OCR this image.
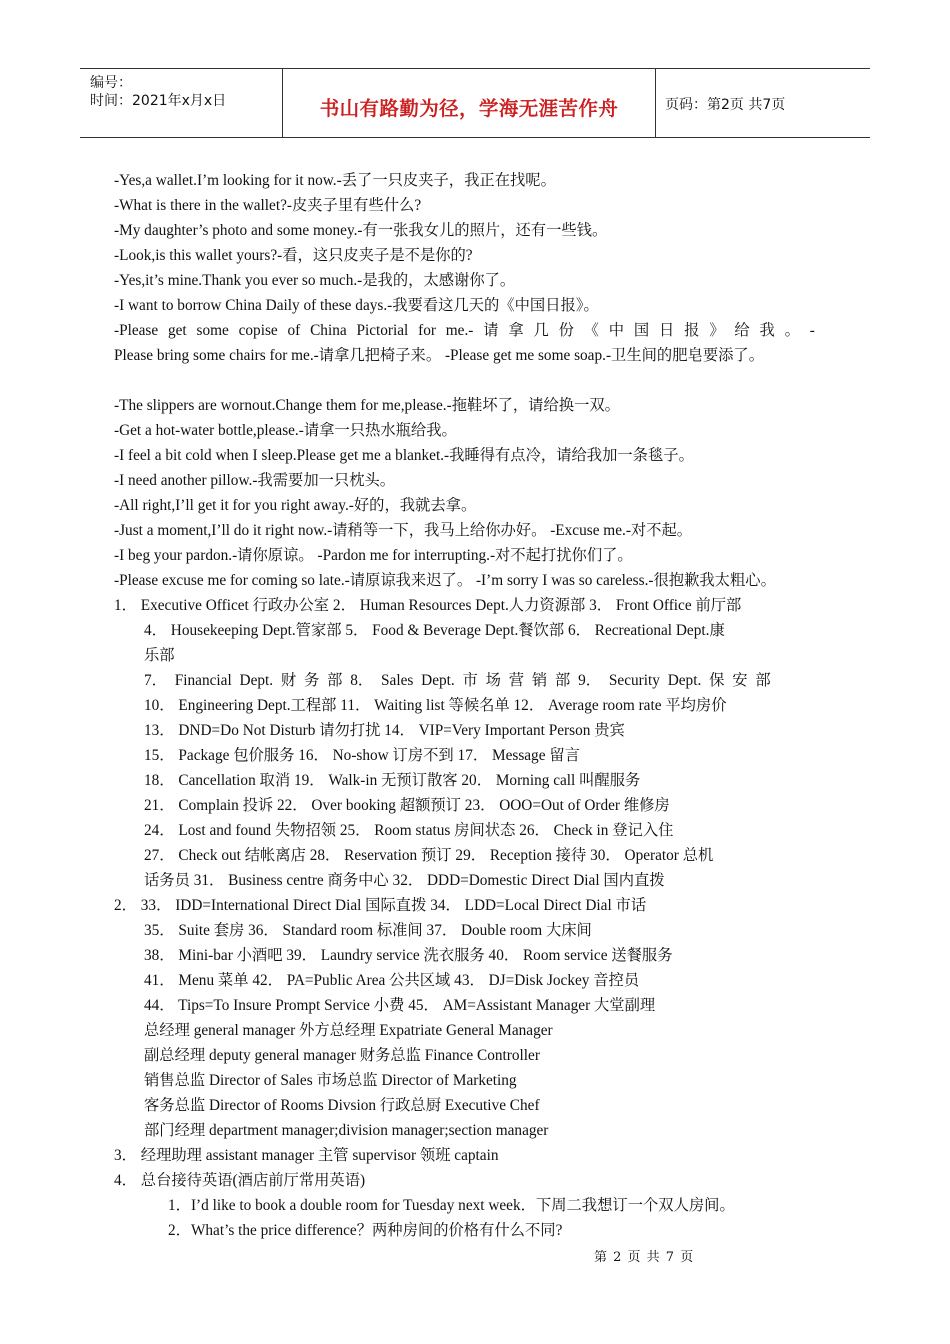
编号：
时间：2021年x月x日	书山有路勤为径，学海无涯苦作舟	页码：第2页 共7页
-Yes,a wallet.I’m looking for it now.-丢了一只皮夹子，我正在找呢。
-What is there in the wallet?-皮夹子里有些什么?
-My daughter’s photo and some money.-有一张我女儿的照片，还有一些钱。
-Look,is this wallet yours?-看，这只皮夹子是不是你的?
-Yes,it’s mine.Thank you ever so much.-是我的，太感谢你了。
-I want to borrow China Daily of these days.-我要看这几天的《中国日报》。
-Please get some copise of China Pictorial for me.- 请 拿 几 份 《 中 国 日 报 》 给 我 。 -
Please bring some chairs for me.-请拿几把椅子来。 -Please get me some soap.-卫生间的肥皂要添了。
-The slippers are wornout.Change them for me,please.-拖鞋坏了，请给换一双。
-Get a hot-water bottle,please.-请拿一只热水瓶给我。
-I feel a bit cold when I sleep.Please get me a blanket.-我睡得有点冷，请给我加一条毯子。
-I need another pillow.-我需要加一只枕头。
-All right,I’ll get it for you right away.-好的，我就去拿。
-Just a moment,I’ll do it right now.-请稍等一下，我马上给你办好。 -Excuse me.-对不起。
-I beg your pardon.-请你原谅。 -Pardon me for interrupting.-对不起打扰你们了。
-Please excuse me for coming so late.-请原谅我来迟了。 -I’m sorry I was so careless.-很抱歉我太粗心。
1． Executive Officet 行政办公室 2． Human Resources Dept.人力资源部 3． Front Office 前厅部
4． Housekeeping Dept.管家部 5． Food & Beverage Dept.餐饮部 6． Recreational Dept.康
乐部
7． Financial Dept. 财 务 部 8． Sales Dept. 市 场 营 销 部 9． Security Dept. 保 安 部
10． Engineering Dept.工程部 11． Waiting list 等候名单 12． Average room rate 平均房价
13． DND=Do Not Disturb 请勿打扰 14． VIP=Very Important Person 贵宾
15． Package 包价服务 16． No-show 订房不到 17． Message 留言
18． Cancellation 取消 19． Walk-in 无预订散客 20． Morning call 叫醒服务
21． Complain 投诉 22． Over booking 超额预订 23． OOO=Out of Order 维修房
24． Lost and found 失物招领 25． Room status 房间状态 26． Check in 登记入住
27． Check out 结帐离店 28． Reservation 预订 29． Reception 接待 30． Operator 总机
话务员 31． Business centre 商务中心 32． DDD=Domestic Direct Dial 国内直拨
2． 33． IDD=International Direct Dial 国际直拨 34． LDD=Local Direct Dial 市话
35． Suite 套房 36． Standard room 标准间 37． Double room 大床间
38． Mini-bar 小酒吧 39． Laundry service 洗衣服务 40． Room service 送餐服务
41． Menu 菜单 42． PA=Public Area 公共区域 43． DJ=Disk Jockey 音控员
44． Tips=To Insure Prompt Service 小费 45． AM=Assistant Manager 大堂副理
总经理 general manager 外方总经理 Expatriate General Manager
副总经理 deputy general manager 财务总监 Finance Controller
销售总监 Director of Sales 市场总监 Director of Marketing
客务总监 Director of Rooms Divsion 行政总厨 Executive Chef
部门经理 department manager;division manager;section manager
3． 经理助理 assistant manager 主管 supervisor 领班 captain
4． 总台接待英语(酒店前厅常用英语)
1．I’d like to book a double room for Tuesday next week．下周二我想订一个双人房间。
2．What’s the price difference？两种房间的价格有什么不同?
第 2 页 共 7 页
